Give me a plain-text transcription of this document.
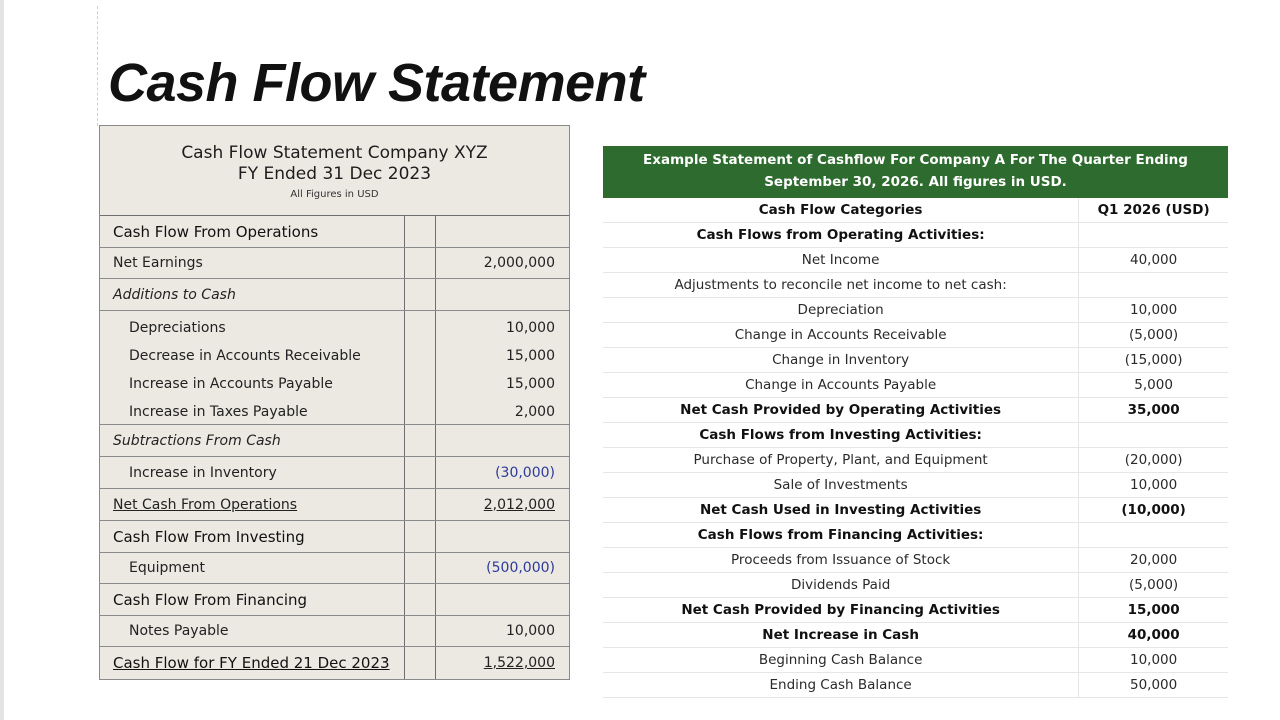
Cash Flow Statement
Cash Flow Statement Company XYZ
FY Ended 31 Dec 2023
All Figures in USD
Cash Flow From Operations
Net Earnings	2,000,000
Additions to Cash
Depreciations	10,000
Decrease in Accounts Receivable	15,000
Increase in Accounts Payable	15,000
Increase in Taxes Payable	2,000
Subtractions From Cash
Increase in Inventory	(30,000)
Net Cash From Operations	2,012,000
Cash Flow From Investing
Equipment	(500,000)
Cash Flow From Financing
Notes Payable	10,000
Cash Flow for FY Ended 21 Dec 2023	1,522,000
Example Statement of Cashflow For Company A For The Quarter Ending September 30, 2026. All figures in USD.
Cash Flow Categories	Q1 2026 (USD)
Cash Flows from Operating Activities:
Net Income	40,000
Adjustments to reconcile net income to net cash:
Depreciation	10,000
Change in Accounts Receivable	(5,000)
Change in Inventory	(15,000)
Change in Accounts Payable	5,000
Net Cash Provided by Operating Activities	35,000
Cash Flows from Investing Activities:
Purchase of Property, Plant, and Equipment	(20,000)
Sale of Investments	10,000
Net Cash Used in Investing Activities	(10,000)
Cash Flows from Financing Activities:
Proceeds from Issuance of Stock	20,000
Dividends Paid	(5,000)
Net Cash Provided by Financing Activities	15,000
Net Increase in Cash	40,000
Beginning Cash Balance	10,000
Ending Cash Balance	50,000
